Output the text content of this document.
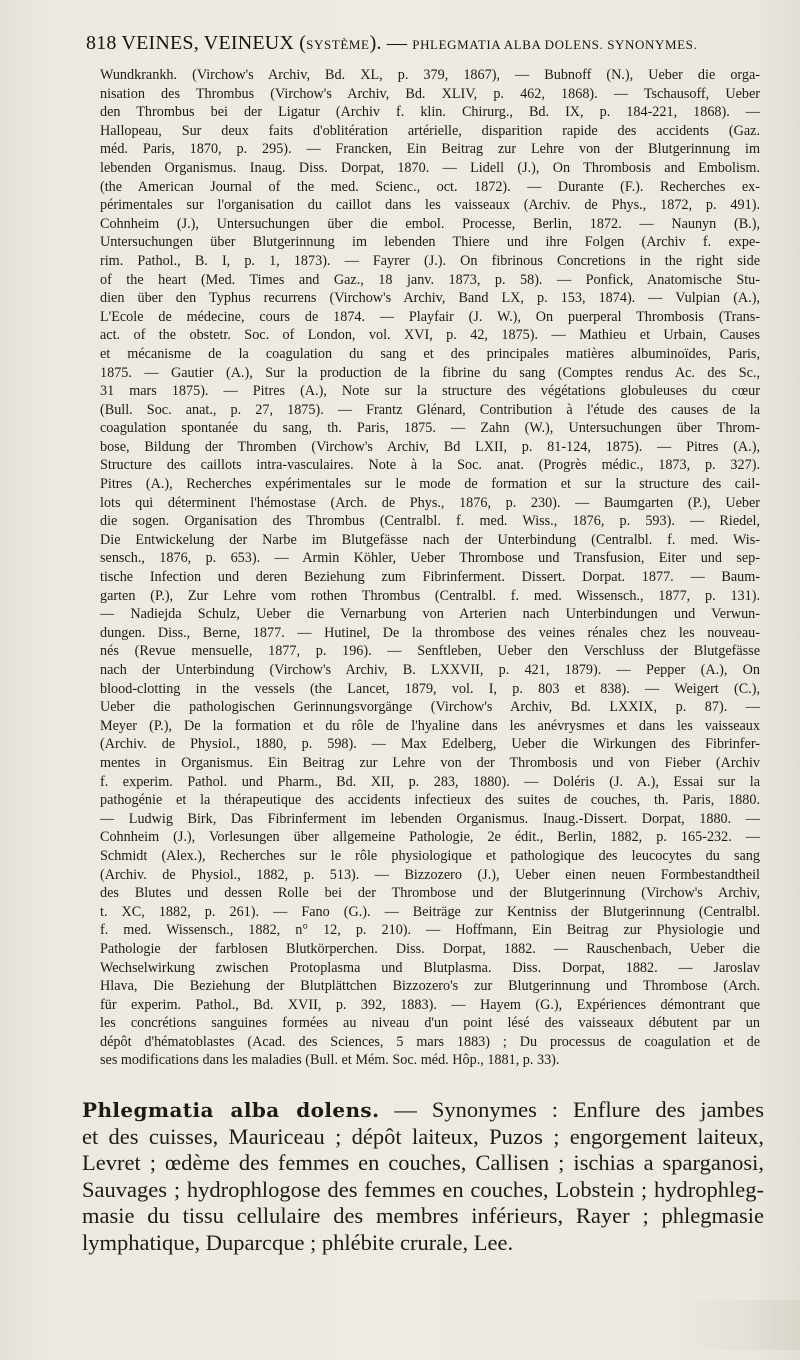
818 VEINES, VEINEUX (SYSTÈME). — PHLEGMATIA ALBA DOLENS. SYNONYMES.
Wundkrankh. (Virchow's Archiv, Bd. XL, p. 379, 1867), — Bubnoff (N.), Ueber die orga-
nisation des Thrombus (Virchow's Archiv, Bd. XLIV, p. 462, 1868). — Tschausoff, Ueber
den Thrombus bei der Ligatur (Archiv f. klin. Chirurg., Bd. IX, p. 184-221, 1868). —
Hallopeau, Sur deux faits d'oblitération artérielle, disparition rapide des accidents (Gaz.
méd. Paris, 1870, p. 295). — Francken, Ein Beitrag zur Lehre von der Blutgerinnung im
lebenden Organismus. Inaug. Diss. Dorpat, 1870. — Lidell (J.), On Thrombosis and Embolism.
(the American Journal of the med. Scienc., oct. 1872). — Durante (F.). Recherches ex-
périmentales sur l'organisation du caillot dans les vaisseaux (Archiv. de Phys., 1872, p. 491).
Cohnheim (J.), Untersuchungen über die embol. Processe, Berlin, 1872. — Naunyn (B.),
Untersuchungen über Blutgerinnung im lebenden Thiere und ihre Folgen (Archiv f. expe-
rim. Pathol., B. I, p. 1, 1873). — Fayrer (J.). On fibrinous Concretions in the right side
of the heart (Med. Times and Gaz., 18 janv. 1873, p. 58). — Ponfick, Anatomische Stu-
dien über den Typhus recurrens (Virchow's Archiv, Band LX, p. 153, 1874). — Vulpian (A.),
L'Ecole de médecine, cours de 1874. — Playfair (J. W.), On puerperal Thrombosis (Trans-
act. of the obstetr. Soc. of London, vol. XVI, p. 42, 1875). — Mathieu et Urbain, Causes
et mécanisme de la coagulation du sang et des principales matières albuminoïdes, Paris,
1875. — Gautier (A.), Sur la production de la fibrine du sang (Comptes rendus Ac. des Sc.,
31 mars 1875). — Pitres (A.), Note sur la structure des végétations globuleuses du cœur
(Bull. Soc. anat., p. 27, 1875). — Frantz Glénard, Contribution à l'étude des causes de la
coagulation spontanée du sang, th. Paris, 1875. — Zahn (W.), Untersuchungen über Throm-
bose, Bildung der Thromben (Virchow's Archiv, Bd LXII, p. 81-124, 1875). — Pitres (A.),
Structure des caillots intra-vasculaires. Note à la Soc. anat. (Progrès médic., 1873, p. 327).
Pitres (A.), Recherches expérimentales sur le mode de formation et sur la structure des cail-
lots qui déterminent l'hémostase (Arch. de Phys., 1876, p. 230). — Baumgarten (P.), Ueber
die sogen. Organisation des Thrombus (Centralbl. f. med. Wiss., 1876, p. 593). — Riedel,
Die Entwickelung der Narbe im Blutgefässe nach der Unterbindung (Centralbl. f. med. Wis-
sensch., 1876, p. 653). — Armin Köhler, Ueber Thrombose und Transfusion, Eiter und sep-
tische Infection und deren Beziehung zum Fibrinferment. Dissert. Dorpat. 1877. — Baum-
garten (P.), Zur Lehre vom rothen Thrombus (Centralbl. f. med. Wissensch., 1877, p. 131).
— Nadiejda Schulz, Ueber die Vernarbung von Arterien nach Unterbindungen und Verwun-
dungen. Diss., Berne, 1877. — Hutinel, De la thrombose des veines rénales chez les nouveau-
nés (Revue mensuelle, 1877, p. 196). — Senftleben, Ueber den Verschluss der Blutgefässe
nach der Unterbindung (Virchow's Archiv, B. LXXVII, p. 421, 1879). — Pepper (A.), On
blood-clotting in the vessels (the Lancet, 1879, vol. I, p. 803 et 838). — Weigert (C.),
Ueber die pathologischen Gerinnungsvorgänge (Virchow's Archiv, Bd. LXXIX, p. 87). —
Meyer (P.), De la formation et du rôle de l'hyaline dans les anévrysmes et dans les vaisseaux
(Archiv. de Physiol., 1880, p. 598). — Max Edelberg, Ueber die Wirkungen des Fibrinfer-
mentes in Organismus. Ein Beitrag zur Lehre von der Thrombosis und von Fieber (Archiv
f. experim. Pathol. und Pharm., Bd. XII, p. 283, 1880). — Doléris (J. A.), Essai sur la
pathogénie et la thérapeutique des accidents infectieux des suites de couches, th. Paris, 1880.
— Ludwig Birk, Das Fibrinferment im lebenden Organismus. Inaug.-Dissert. Dorpat, 1880. —
Cohnheim (J.), Vorlesungen über allgemeine Pathologie, 2e édit., Berlin, 1882, p. 165-232. —
Schmidt (Alex.), Recherches sur le rôle physiologique et pathologique des leucocytes du sang
(Archiv. de Physiol., 1882, p. 513). — Bizzozero (J.), Ueber einen neuen Formbestandtheil
des Blutes und dessen Rolle bei der Thrombose und der Blutgerinnung (Virchow's Archiv,
t. XC, 1882, p. 261). — Fano (G.). — Beiträge zur Kentniss der Blutgerinnung (Centralbl.
f. med. Wissensch., 1882, n° 12, p. 210). — Hoffmann, Ein Beitrag zur Physiologie und
Pathologie der farblosen Blutkörperchen. Diss. Dorpat, 1882. — Rauschenbach, Ueber die
Wechselwirkung zwischen Protoplasma und Blutplasma. Diss. Dorpat, 1882. — Jaroslav
Hlava, Die Beziehung der Blutplättchen Bizzozero's zur Blutgerinnung und Thrombose (Arch.
für experim. Pathol., Bd. XVII, p. 392, 1883). — Hayem (G.), Expériences démontrant que
les concrétions sanguines formées au niveau d'un point lésé des vaisseaux débutent par un
dépôt d'hématoblastes (Acad. des Sciences, 5 mars 1883) ; Du processus de coagulation et de
ses modifications dans les maladies (Bull. et Mém. Soc. méd. Hôp., 1881, p. 33).
Phlegmatia alba dolens. — Synonymes : Enflure des jambes
et des cuisses, Mauriceau ; dépôt laiteux, Puzos ; engorgement laiteux,
Levret ; œdème des femmes en couches, Callisen ; ischias a sparganosi,
Sauvages ; hydrophlogose des femmes en couches, Lobstein ; hydrophleg-
masie du tissu cellulaire des membres inférieurs, Rayer ; phlegmasie
lymphatique, Duparcque ; phlébite crurale, Lee.
